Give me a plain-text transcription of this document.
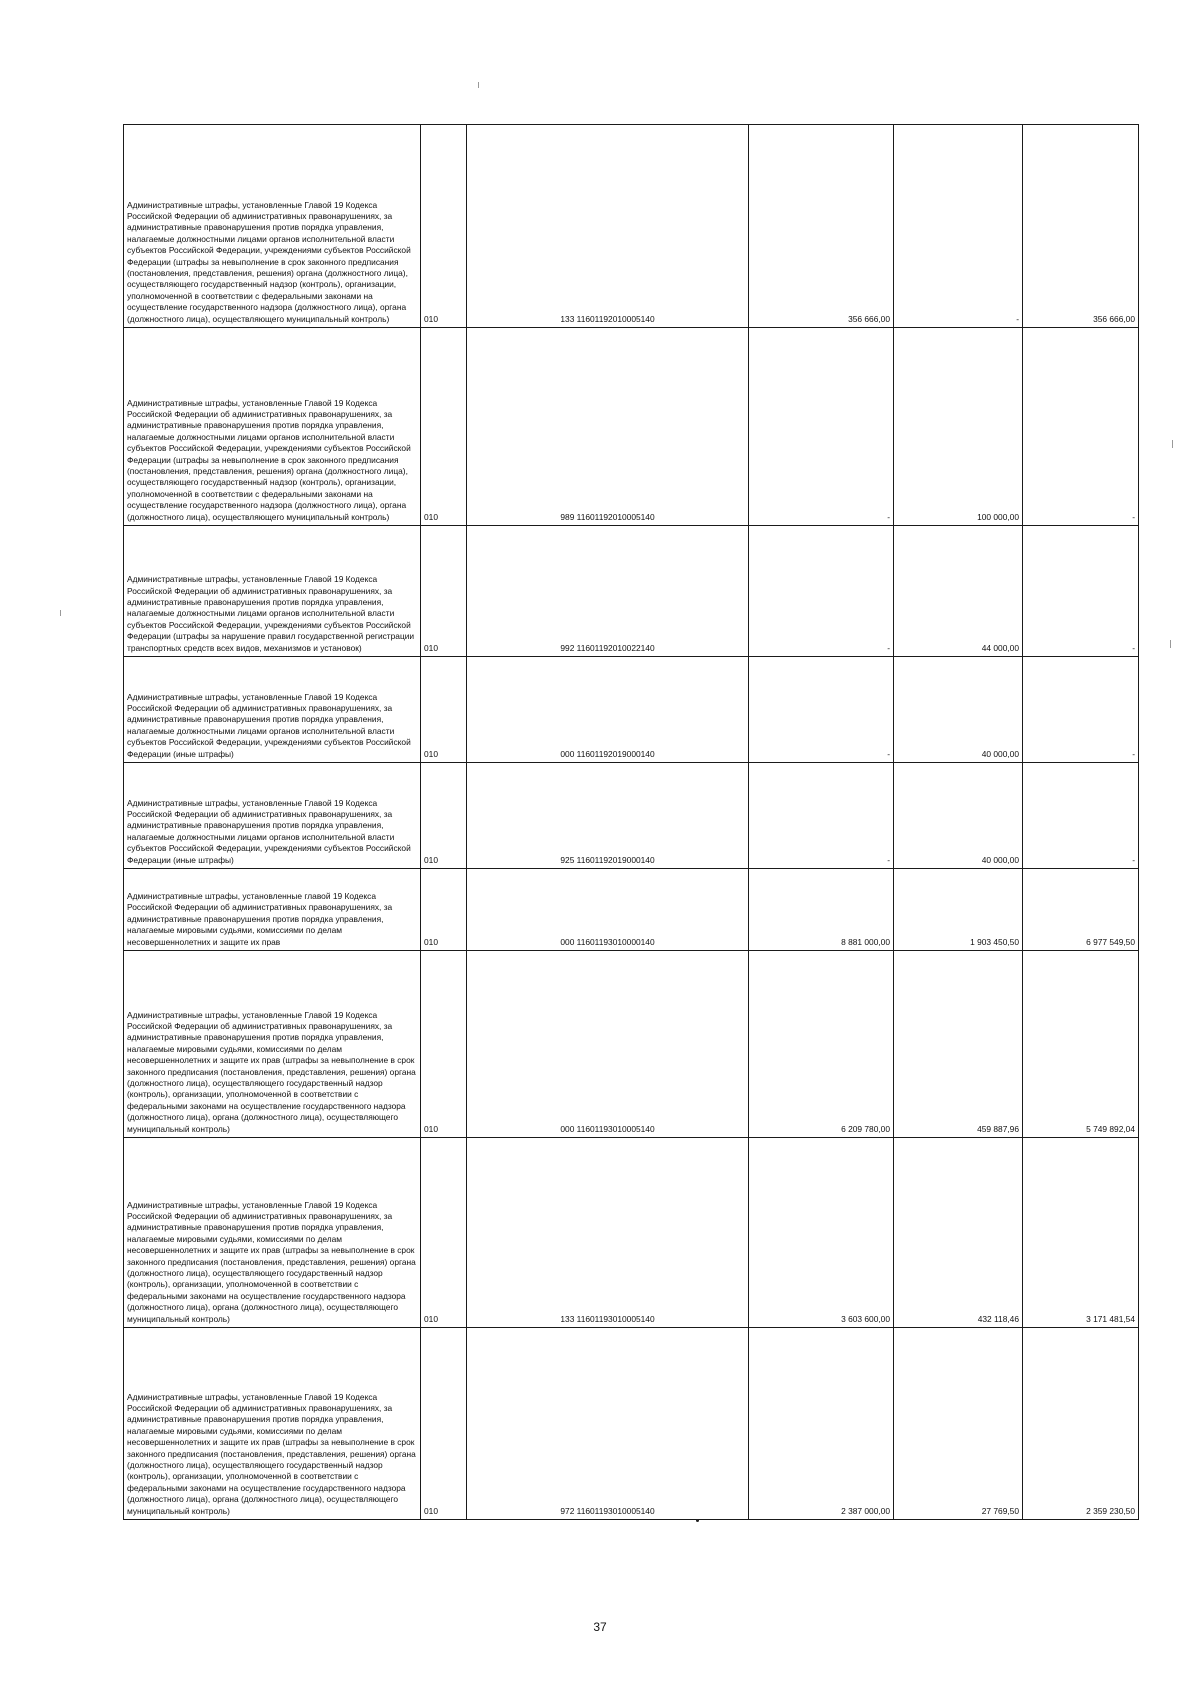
Административные штрафы, установленные Главой 19 Кодекса Российской Федерации об административных правонарушениях, за административные правонарушения против порядка управления, налагаемые должностными лицами органов исполнительной власти субъектов Российской Федерации, учреждениями субъектов Российской Федерации (штрафы за невыполнение в срок законного предписания (постановления, представления, решения) органа (должностного лица), осуществляющего государственный надзор (контроль), организации, уполномоченной в соответствии с федеральными законами на осуществление государственного надзора (должностного лица), органа (должностного лица), осуществляющего муниципальный контроль)	010	133 11601192010005140	356 666,00	-	356 666,00
Административные штрафы, установленные Главой 19 Кодекса Российской Федерации об административных правонарушениях, за административные правонарушения против порядка управления, налагаемые должностными лицами органов исполнительной власти субъектов Российской Федерации, учреждениями субъектов Российской Федерации (штрафы за невыполнение в срок законного предписания (постановления, представления, решения) органа (должностного лица), осуществляющего государственный надзор (контроль), организации, уполномоченной в соответствии с федеральными законами на осуществление государственного надзора (должностного лица), органа (должностного лица), осуществляющего муниципальный контроль)	010	989 11601192010005140	-	100 000,00	-
Административные штрафы, установленные Главой 19 Кодекса Российской Федерации об административных правонарушениях, за административные правонарушения против порядка управления, налагаемые должностными лицами органов исполнительной власти субъектов Российской Федерации, учреждениями субъектов Российской Федерации (штрафы за нарушение правил государственной регистрации транспортных средств всех видов, механизмов и установок)	010	992 11601192010022140	-	44 000,00	-
Административные штрафы, установленные Главой 19 Кодекса Российской Федерации об административных правонарушениях, за административные правонарушения против порядка управления, налагаемые должностными лицами органов исполнительной власти субъектов Российской Федерации, учреждениями субъектов Российской Федерации (иные штрафы)	010	000 11601192019000140	-	40 000,00	-
Административные штрафы, установленные Главой 19 Кодекса Российской Федерации об административных правонарушениях, за административные правонарушения против порядка управления, налагаемые должностными лицами органов исполнительной власти субъектов Российской Федерации, учреждениями субъектов Российской Федерации (иные штрафы)	010	925 11601192019000140	-	40 000,00	-
Административные штрафы, установленные главой 19 Кодекса Российской Федерации об административных правонарушениях, за административные правонарушения против порядка управления, налагаемые мировыми судьями, комиссиями по делам несовершеннолетних и защите их прав	010	000 11601193010000140	8 881 000,00	1 903 450,50	6 977 549,50
Административные штрафы, установленные Главой 19 Кодекса Российской Федерации об административных правонарушениях, за административные правонарушения против порядка управления, налагаемые мировыми судьями, комиссиями по делам несовершеннолетних и защите их прав (штрафы за невыполнение в срок законного предписания (постановления, представления, решения) органа (должностного лица), осуществляющего государственный надзор (контроль), организации, уполномоченной в соответствии с федеральными законами на осуществление государственного надзора (должностного лица), органа (должностного лица), осуществляющего муниципальный контроль)	010	000 11601193010005140	6 209 780,00	459 887,96	5 749 892,04
Административные штрафы, установленные Главой 19 Кодекса Российской Федерации об административных правонарушениях, за административные правонарушения против порядка управления, налагаемые мировыми судьями, комиссиями по делам несовершеннолетних и защите их прав (штрафы за невыполнение в срок законного предписания (постановления, представления, решения) органа (должностного лица), осуществляющего государственный надзор (контроль), организации, уполномоченной в соответствии с федеральными законами на осуществление государственного надзора (должностного лица), органа (должностного лица), осуществляющего муниципальный контроль)	010	133 11601193010005140	3 603 600,00	432 118,46	3 171 481,54
Административные штрафы, установленные Главой 19 Кодекса Российской Федерации об административных правонарушениях, за административные правонарушения против порядка управления, налагаемые мировыми судьями, комиссиями по делам несовершеннолетних и защите их прав (штрафы за невыполнение в срок законного предписания (постановления, представления, решения) органа (должностного лица), осуществляющего государственный надзор (контроль), организации, уполномоченной в соответствии с федеральными законами на осуществление государственного надзора (должностного лица), органа (должностного лица), осуществляющего муниципальный контроль)	010	972 11601193010005140	2 387 000,00	27 769,50	2 359 230,50
37
